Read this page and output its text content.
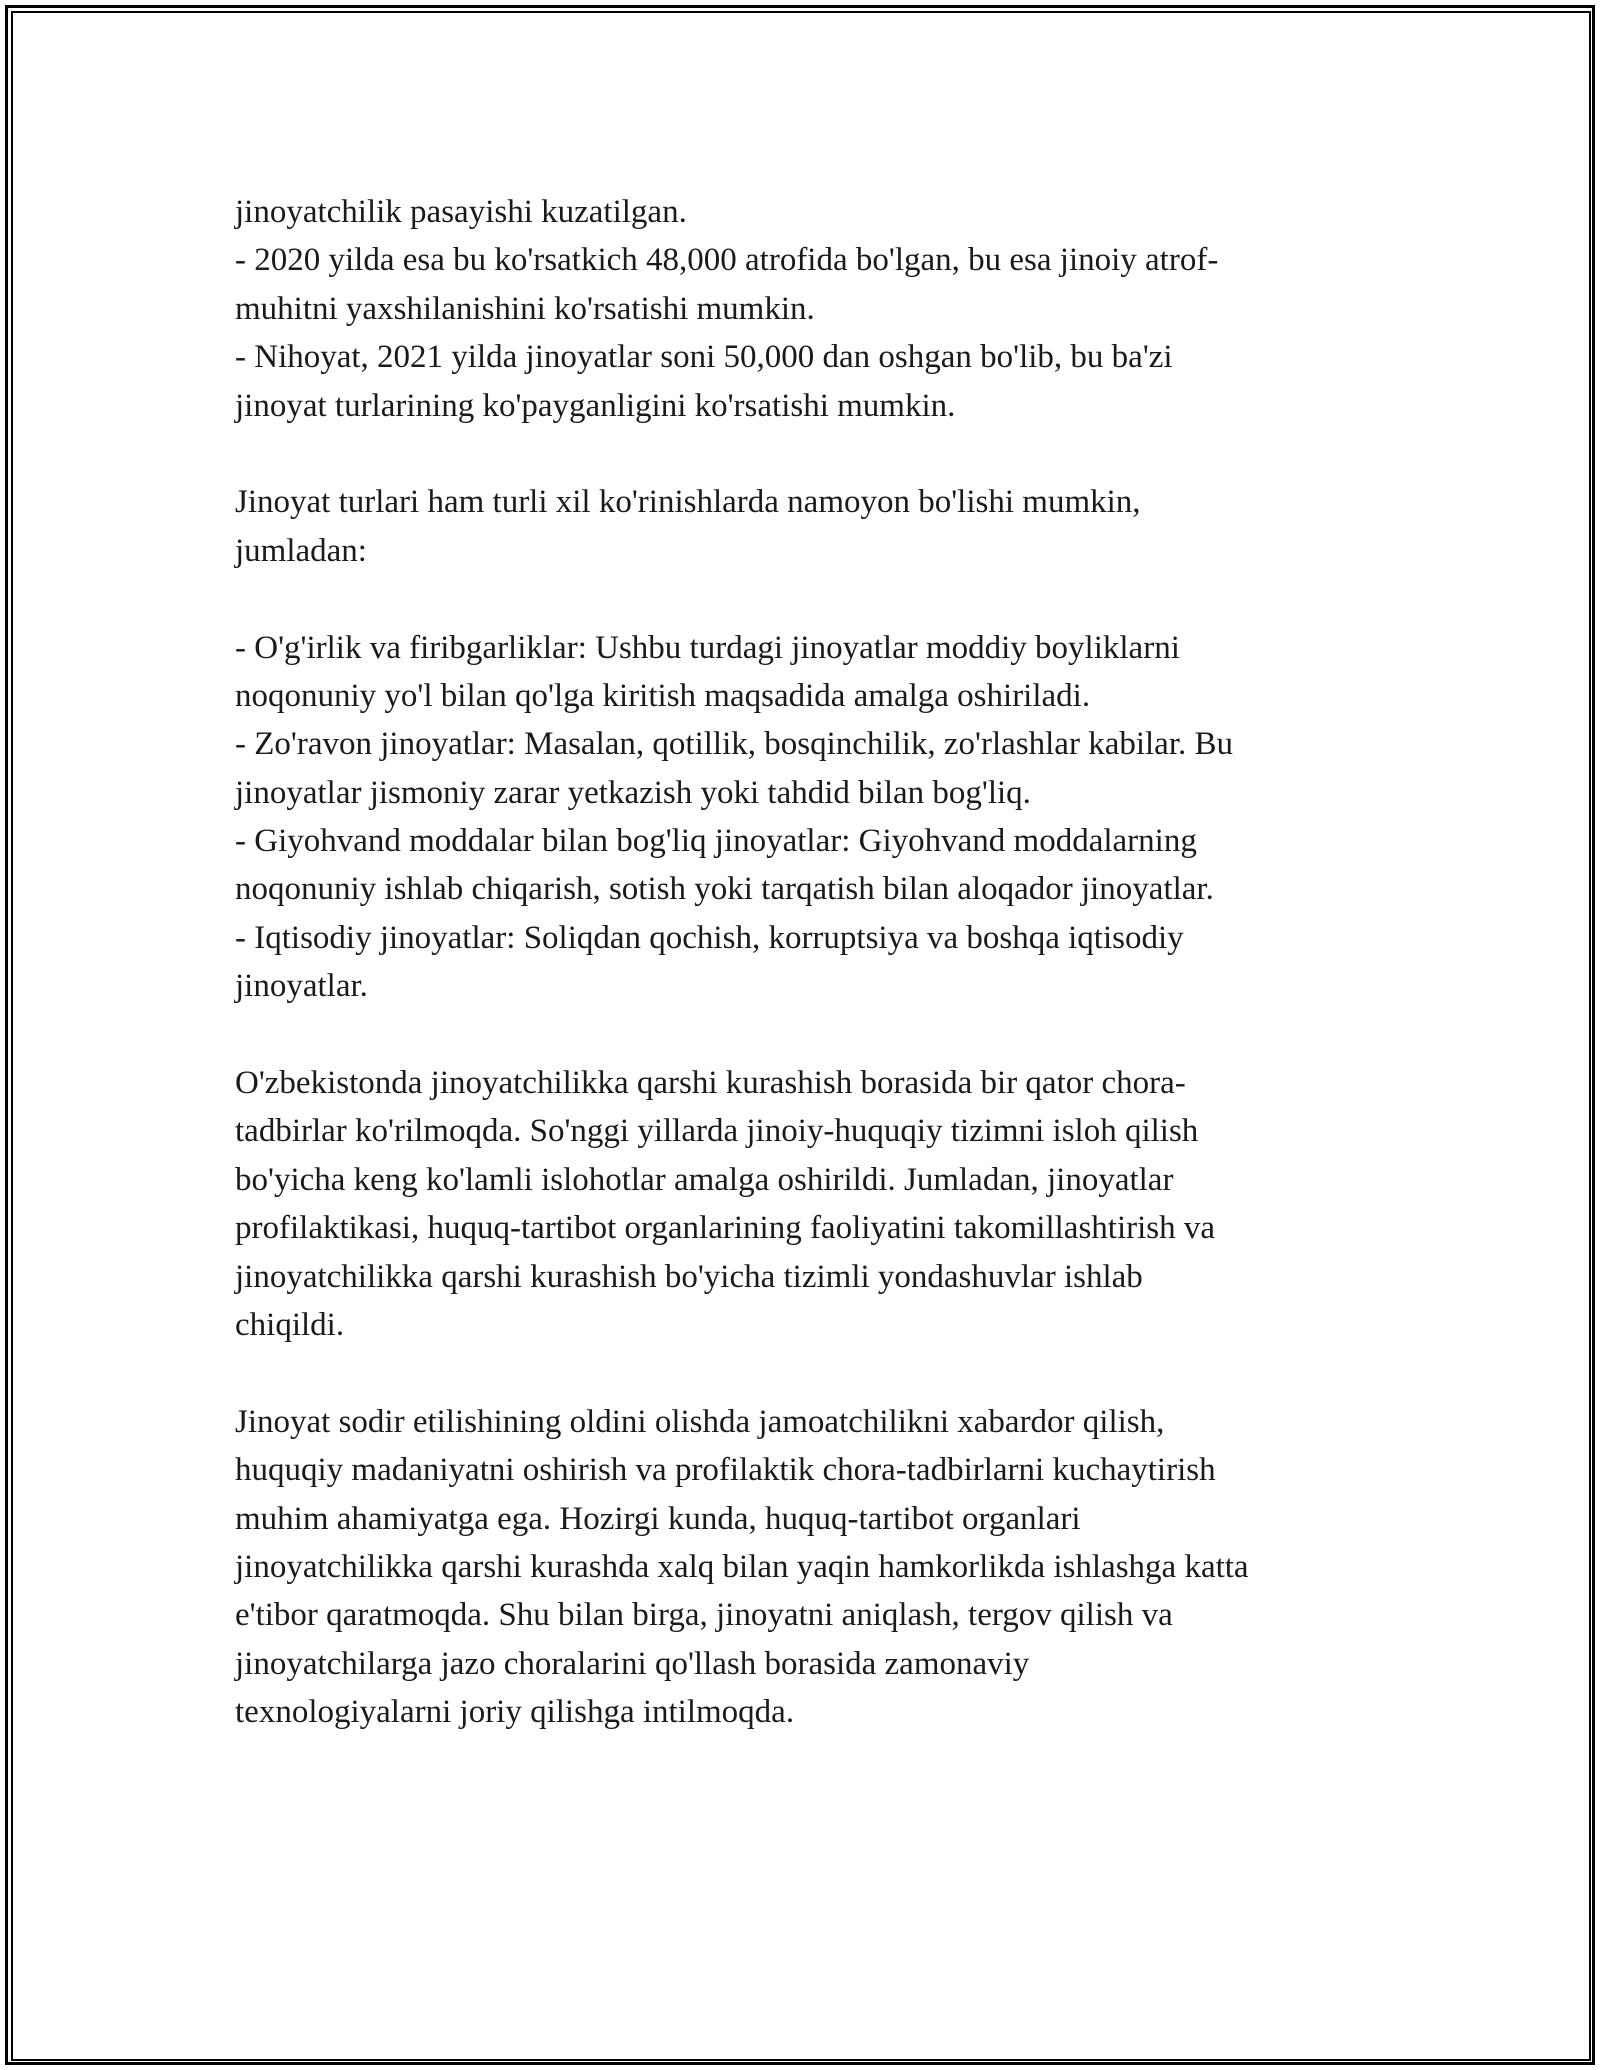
jinoyatchilik pasayishi kuzatilgan.
- 2020 yilda esa bu ko'rsatkich 48,000 atrofida bo'lgan, bu esa jinoiy atrof-
muhitni yaxshilanishini ko'rsatishi mumkin.
- Nihoyat, 2021 yilda jinoyatlar soni 50,000 dan oshgan bo'lib, bu ba'zi
jinoyat turlarining ko'payganligini ko'rsatishi mumkin.
Jinoyat turlari ham turli xil ko'rinishlarda namoyon bo'lishi mumkin,
jumladan:
- O'g'irlik va firibgarliklar: Ushbu turdagi jinoyatlar moddiy boyliklarni
noqonuniy yo'l bilan qo'lga kiritish maqsadida amalga oshiriladi.
- Zo'ravon jinoyatlar: Masalan, qotillik, bosqinchilik, zo'rlashlar kabilar. Bu
jinoyatlar jismoniy zarar yetkazish yoki tahdid bilan bog'liq.
- Giyohvand moddalar bilan bog'liq jinoyatlar: Giyohvand moddalarning
noqonuniy ishlab chiqarish, sotish yoki tarqatish bilan aloqador jinoyatlar.
- Iqtisodiy jinoyatlar: Soliqdan qochish, korruptsiya va boshqa iqtisodiy
jinoyatlar.
O'zbekistonda jinoyatchilikka qarshi kurashish borasida bir qator chora-
tadbirlar ko'rilmoqda. So'nggi yillarda jinoiy-huquqiy tizimni isloh qilish
bo'yicha keng ko'lamli islohotlar amalga oshirildi. Jumladan, jinoyatlar
profilaktikasi, huquq-tartibot organlarining faoliyatini takomillashtirish va
jinoyatchilikka qarshi kurashish bo'yicha tizimli yondashuvlar ishlab
chiqildi.
Jinoyat sodir etilishining oldini olishda jamoatchilikni xabardor qilish,
huquqiy madaniyatni oshirish va profilaktik chora-tadbirlarni kuchaytirish
muhim ahamiyatga ega. Hozirgi kunda, huquq-tartibot organlari
jinoyatchilikka qarshi kurashda xalq bilan yaqin hamkorlikda ishlashga katta
e'tibor qaratmoqda. Shu bilan birga, jinoyatni aniqlash, tergov qilish va
jinoyatchilarga jazo choralarini qo'llash borasida zamonaviy
texnologiyalarni joriy qilishga intilmoqda.
